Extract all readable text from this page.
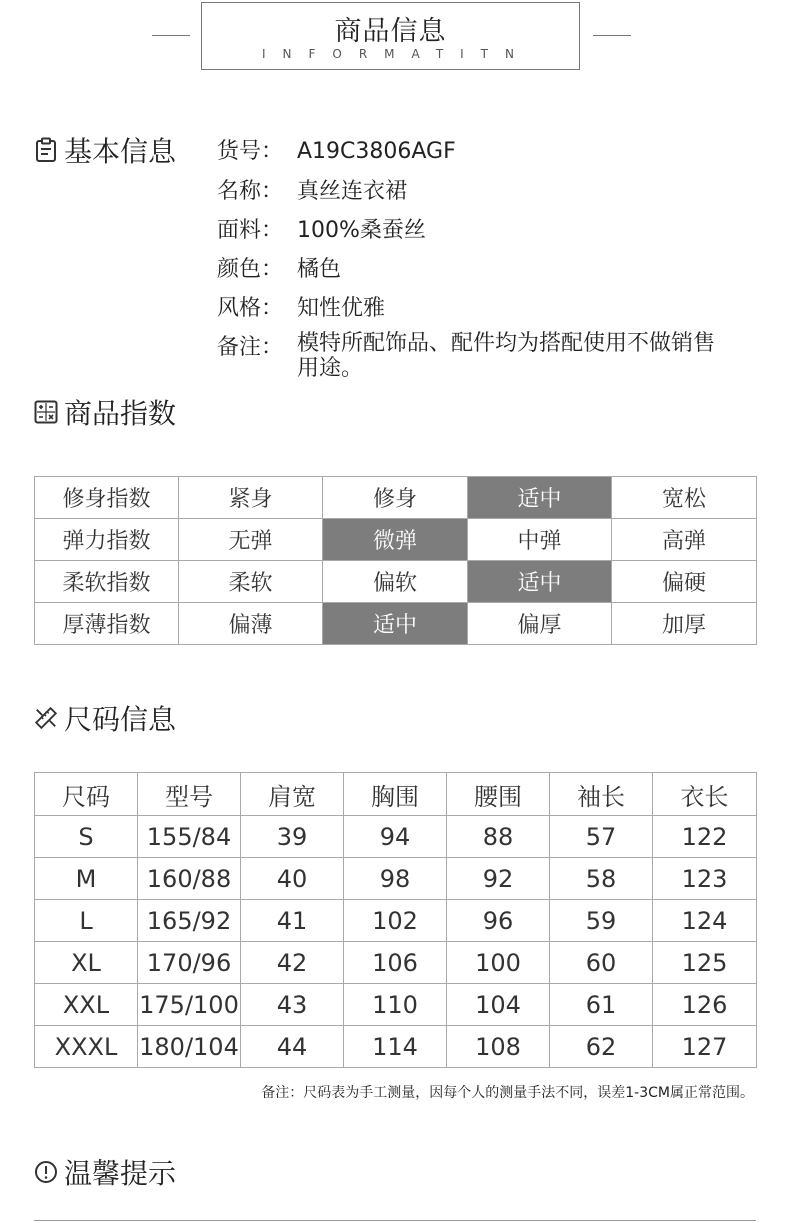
商品信息
INFORMATITN
基本信息 货号： A19C3806AGF
名称： 真丝连衣裙
面料： 100%桑蚕丝
颜色： 橘色
风格： 知性优雅
备注： 模特所配饰品、配件均为搭配使用不做销售用途。
商品指数
修身指数	紧身	修身	适中	宽松
弹力指数	无弹	微弹	中弹	高弹
柔软指数	柔软	偏软	适中	偏硬
厚薄指数	偏薄	适中	偏厚	加厚
尺码信息
尺码	型号	肩宽	胸围	腰围	袖长	衣长
S	155/84	39	94	88	57	122
M	160/88	40	98	92	58	123
L	165/92	41	102	96	59	124
XL	170/96	42	106	100	60	125
XXL	175/100	43	110	104	61	126
XXXL	180/104	44	114	108	62	127
备注：尺码表为手工测量，因每个人的测量手法不同，误差1-3CM属正常范围。
温馨提示
